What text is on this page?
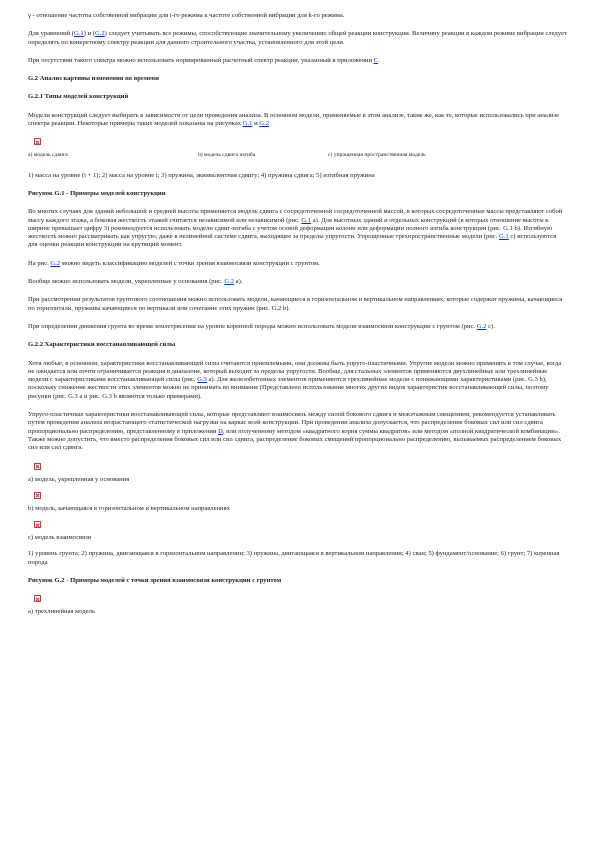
γ - отношение частоты собственной вибрации для i-го режима к частоте собственной вибрации для k-го режима.

Для уравнений (G.1) и (G.2) следует учитывать все режимы, способствующие значительному увеличению общей реакции конструкции. Величину реакции в каждом режиме вибрации следует определять по конкретному спектру реакции для данного строительного участка, установленного для этой цели.

При отсутствии такого спектра можно использовать нормированный расчетный спектр реакции, указанный в приложении C.

G.2 Анализ картины изменения по времени

G.2.1 Типы моделей конструкций

Модели конструкций следует выбирать в зависимости от цели проведения анализа. В основном модели, применяемые в этом анализе, такие же, как те, которые использовались при анализе спектра реакции. Некоторые примеры таких моделей показаны на рисунках G.1 и G.2

а) модель сдвига	b) модель сдвига изгиба	c) упрощенная пространственная модель

1) масса на уровне (i + 1); 2) масса на уровне i; 3) пружина, эквивалентная сдвигу; 4) пружина сдвига; 5) изгибная пружина

Рисунок G.1 - Примеры моделей конструкции

Во многих случаях для зданий небольшой и средней высоты применяется модель сдвига с сосредоточенной сосредоточенной массой, в которых сосредоточенные массы представляют собой массу каждого этажа, а боковая жесткость этажей считается независимой или независимой (рис. G.1 а). Для высотных зданий и отдельных конструкций (в которых отношение высоты к ширине превышает цифру 3) рекомендуется использовать модели сдвиг-изгиба с учетом осевой деформации колонн или деформации полного изгиба конструкции (рис. G.1 b). Изгибную жесткость можно рассматривать как упругую, даже в нелинейной системе сдвига, выходящее за пределы упругости. Упрощенные трехпространственные модели (рис. G.1 с) используются для оценки реакции конструкции на крутящий момент.

На рис. G.2 можно видеть классификацию моделей с точки зрения взаимосвязи конструкции с грунтом.

Вообще можно использовать модели, укрепленные у основания (рис. G.2 а).

При рассмотрении результатов грунтового соотношения можно использовать модели, качающиеся в горизонтальном и вертикальном направлениях, которые содержат пружины, качающиеся по горизонтали, пружины качающиеся по вертикали или сочетание этих пружин (рис. G.2 b).

При определении движения грунта во время землетрясения на уровне коренной породы можно использовать модели взаимосвязи конструкции с грунтом (рис. G.2 с).

G.2.2 Характеристики восстанавливающей силы

Хотя любые, в основном, характеристики восстанавливающей силы считаются приемлемыми, они должны быть упруго-пластичными. Упругие модели можно применять в том случае, когда не ожидается или почти ограничивается реакция в диапазоне, который выходит за пределы упругости. Вообще, для стальных элементов применяются двухлинейные или трехлинейные модели с характеристиками восстанавливающей силы (рис. G.3 а). Для железобетонных элементов применяются трехлинейные модели с понижающими характеристиками (рис. G.3 b), поскольку снижение жесткости этих элементов можно не принимать во внимание (Представлено использование многих других видов характеристик восстанавливающей силы, поэтому рисунки (рис. G.3 а и рис. G.3 b являются только примерами).

Упруго-пластичные характеристики восстанавливающей силы, которые представляют взаимосвязь между силой бокового сдвига и межэтажным смещением, рекомендуется устанавливать путем проведения анализа возрастающего статистической нагрузки на каркас всей конструкции. При проведении анализа допускается, что распределение боковых сил или сил сдвига пропорционально распределению, представленному в приложении D, или полученному методом «квадратного корня суммы квадратов» или методом «полной квадратической комбинации». Также можно допустить, что вместо распределения боковых сил или сил сдвига, распределение боковых смещений пропорционально распределению, вызываемых распределением боковых сил или сил сдвига.

а) модель, укрепленная у основания

b) модель, качающаяся в горизонтальном и вертикальном направлениях

c) модель взаимосвязи

1) уровень грунта; 2) пружина, двигающаяся в горизонтальном направлении; 3) пружина, двигающаяся в вертикальном направлении; 4) сваи; 5) фундамент/основание; 6) грунт; 7) коренная порода

Рисунок G.2 - Примеры моделей с точки зрения взаимосвязи конструкции с грунтом

а) трехлинейная модель
